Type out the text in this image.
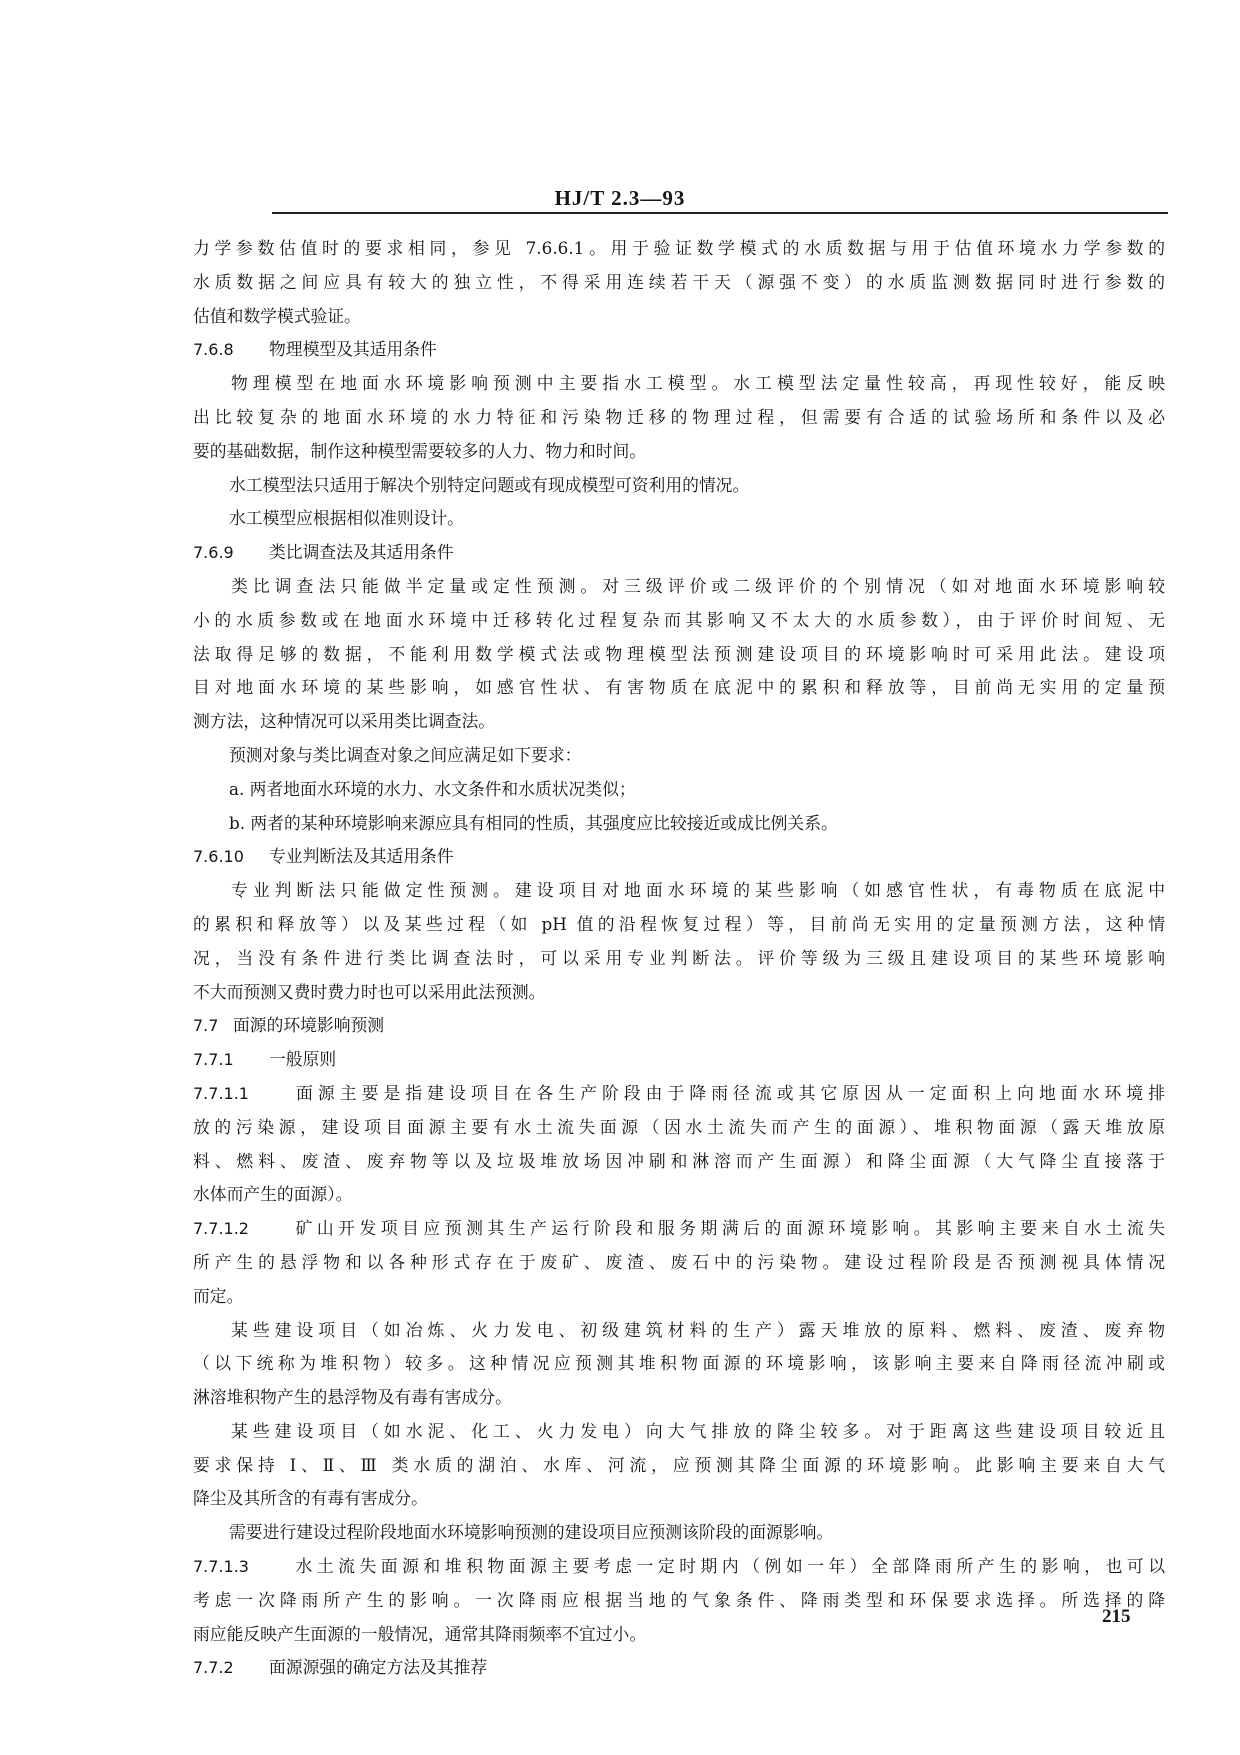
HJ/T 2.3—93
力学参数估值时的要求相同，参见 7.6.6.1。用于验证数学模式的水质数据与用于估值环境水力学参数的
水质数据之间应具有较大的独立性，不得采用连续若干天（源强不变）的水质监测数据同时进行参数的
估值和数学模式验证。
7.6.8 物理模型及其适用条件
物理模型在地面水环境影响预测中主要指水工模型。水工模型法定量性较高，再现性较好，能反映
出比较复杂的地面水环境的水力特征和污染物迁移的物理过程，但需要有合适的试验场所和条件以及必
要的基础数据，制作这种模型需要较多的人力、物力和时间。
水工模型法只适用于解决个别特定问题或有现成模型可资利用的情况。
水工模型应根据相似准则设计。
7.6.9 类比调查法及其适用条件
类比调查法只能做半定量或定性预测。对三级评价或二级评价的个别情况（如对地面水环境影响较
小的水质参数或在地面水环境中迁移转化过程复杂而其影响又不太大的水质参数），由于评价时间短、无
法取得足够的数据，不能利用数学模式法或物理模型法预测建设项目的环境影响时可采用此法。建设项
目对地面水环境的某些影响，如感官性状、有害物质在底泥中的累积和释放等，目前尚无实用的定量预
测方法，这种情况可以采用类比调查法。
预测对象与类比调查对象之间应满足如下要求：
a. 两者地面水环境的水力、水文条件和水质状况类似；
b. 两者的某种环境影响来源应具有相同的性质，其强度应比较接近或成比例关系。
7.6.10 专业判断法及其适用条件
专业判断法只能做定性预测。建设项目对地面水环境的某些影响（如感官性状，有毒物质在底泥中
的累积和释放等）以及某些过程（如 pH 值的沿程恢复过程）等，目前尚无实用的定量预测方法，这种情
况，当没有条件进行类比调查法时，可以采用专业判断法。评价等级为三级且建设项目的某些环境影响
不大而预测又费时费力时也可以采用此法预测。
7.7 面源的环境影响预测
7.7.1 一般原则
7.7.1.1	面源主要是指建设项目在各生产阶段由于降雨径流或其它原因从一定面积上向地面水环境排
放的污染源，建设项目面源主要有水土流失面源（因水土流失而产生的面源）、堆积物面源（露天堆放原
料、燃料、废渣、废弃物等以及垃圾堆放场因冲刷和淋溶而产生面源）和降尘面源（大气降尘直接落于
水体而产生的面源）。
7.7.1.2	矿山开发项目应预测其生产运行阶段和服务期满后的面源环境影响。其影响主要来自水土流失
所产生的悬浮物和以各种形式存在于废矿、废渣、废石中的污染物。建设过程阶段是否预测视具体情况
而定。
某些建设项目（如冶炼、火力发电、初级建筑材料的生产）露天堆放的原料、燃料、废渣、废弃物
（以下统称为堆积物）较多。这种情况应预测其堆积物面源的环境影响，该影响主要来自降雨径流冲刷或
淋溶堆积物产生的悬浮物及有毒有害成分。
某些建设项目（如水泥、化工、火力发电）向大气排放的降尘较多。对于距离这些建设项目较近且
要求保持 Ⅰ、Ⅱ、Ⅲ 类水质的湖泊、水库、河流，应预测其降尘面源的环境影响。此影响主要来自大气
降尘及其所含的有毒有害成分。
需要进行建设过程阶段地面水环境影响预测的建设项目应预测该阶段的面源影响。
7.7.1.3	水土流失面源和堆积物面源主要考虑一定时期内（例如一年）全部降雨所产生的影响，也可以
考虑一次降雨所产生的影响。一次降雨应根据当地的气象条件、降雨类型和环保要求选择。所选择的降
雨应能反映产生面源的一般情况，通常其降雨频率不宜过小。
7.7.2 面源源强的确定方法及其推荐
215
